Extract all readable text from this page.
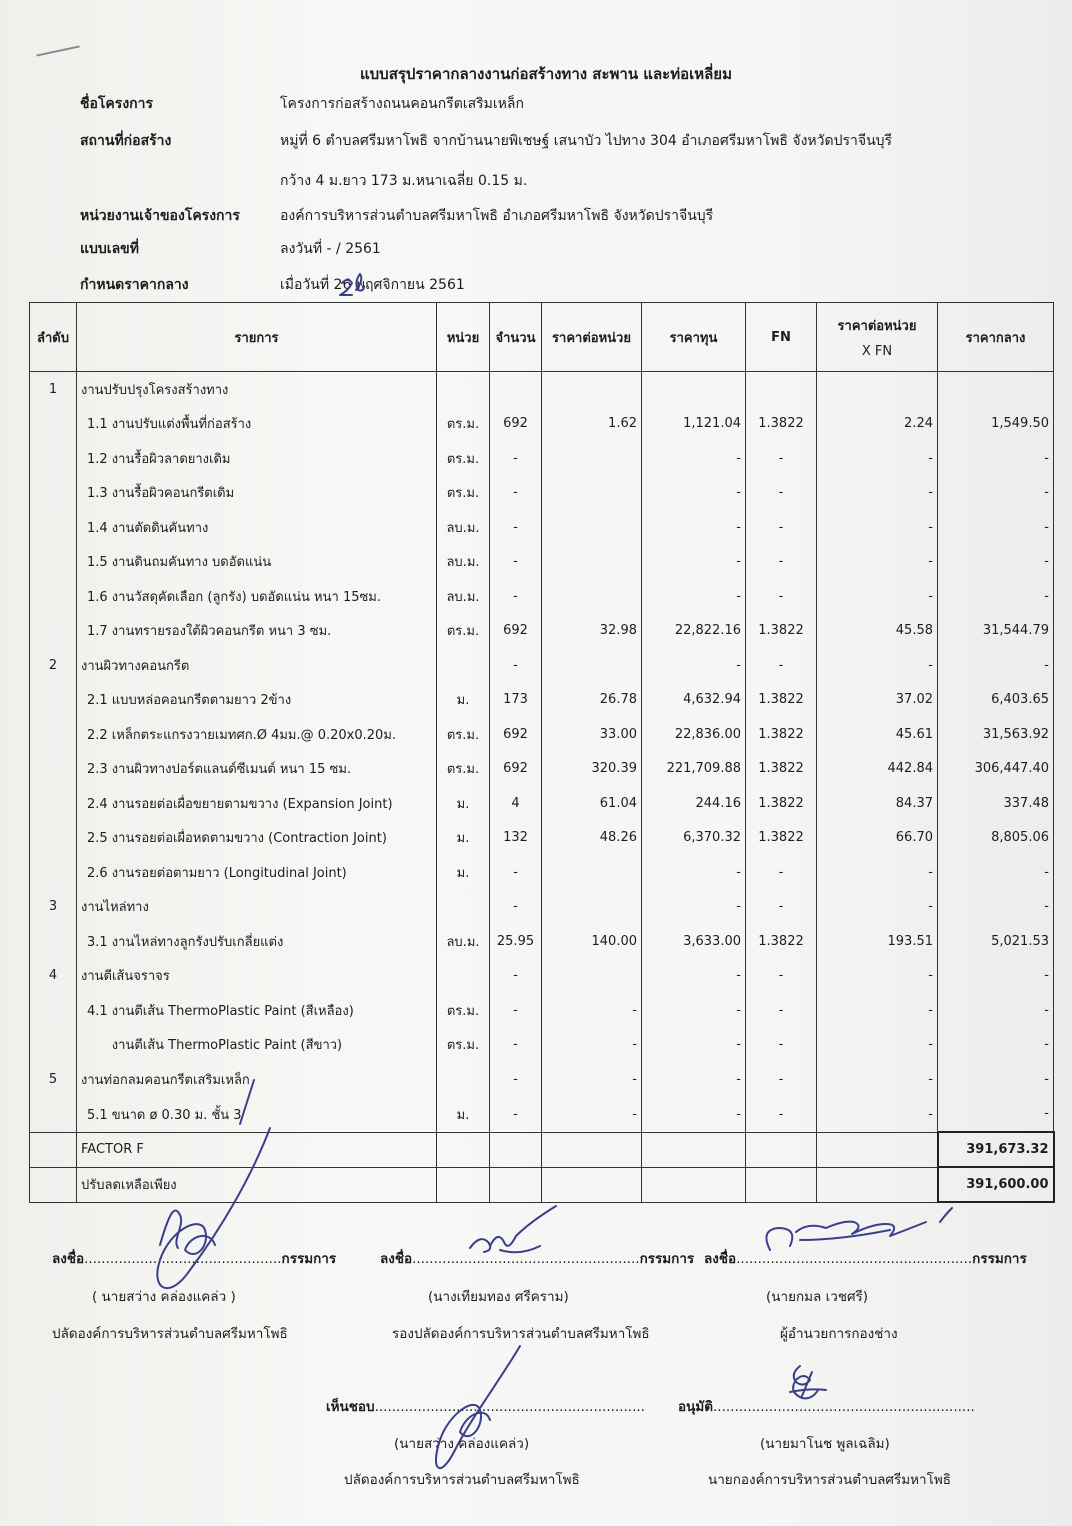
แบบสรุปราคากลางงานก่อสร้างทาง สะพาน และท่อเหลี่ยม
ชื่อโครงการ	โครงการก่อสร้างถนนคอนกรีตเสริมเหล็ก
สถานที่ก่อสร้าง	หมู่ที่ 6 ตำบลศรีมหาโพธิ จากบ้านนายพิเชษฐ์ เสนาบัว ไปทาง 304 อำเภอศรีมหาโพธิ จังหวัดปราจีนบุรี
กว้าง 4 ม.ยาว 173 ม.หนาเฉลี่ย 0.15 ม.
หน่วยงานเจ้าของโครงการ	องค์การบริหารส่วนตำบลศรีมหาโพธิ อำเภอศรีมหาโพธิ จังหวัดปราจีนบุรี
แบบเลขที่	ลงวันที่ - / 2561
กำหนดราคากลาง	เมื่อวันที่ 26 พฤศจิกายน 2561
ลำดับ	รายการ	หน่วย	จำนวน	ราคาต่อหน่วย	ราคาทุน	FN	ราคาต่อหน่วย
X FN	ราคากลาง
1	งานปรับปรุงโครงสร้างทาง							
	1.1 งานปรับแต่งพื้นที่ก่อสร้าง	ตร.ม.	692	1.62	1,121.04	1.3822	2.24	1,549.50
	1.2 งานรื้อผิวลาดยางเดิม	ตร.ม.	-		-	-	-	-
	1.3 งานรื้อผิวคอนกรีตเดิม	ตร.ม.	-		-	-	-	-
	1.4 งานตัดดินคันทาง	ลบ.ม.	-		-	-	-	-
	1.5 งานดินถมคันทาง บดอัดแน่น	ลบ.ม.	-		-	-	-	-
	1.6 งานวัสดุคัดเลือก (ลูกรัง) บดอัดแน่น หนา 15ซม.	ลบ.ม.	-		-	-	-	-
	1.7 งานทรายรองใต้ผิวคอนกรีต หนา 3 ซม.	ตร.ม.	692	32.98	22,822.16	1.3822	45.58	31,544.79
2	งานผิวทางคอนกรีต		-		-	-	-	-
	2.1 แบบหล่อคอนกรีตตามยาว 2ข้าง	ม.	173	26.78	4,632.94	1.3822	37.02	6,403.65
	2.2 เหล็กตระแกรงวายเมทศก.Ø 4มม.@ 0.20x0.20ม.	ตร.ม.	692	33.00	22,836.00	1.3822	45.61	31,563.92
	2.3 งานผิวทางปอร์ตแลนด์ซีเมนต์ หนา 15 ซม.	ตร.ม.	692	320.39	221,709.88	1.3822	442.84	306,447.40
	2.4 งานรอยต่อเผื่อขยายตามขวาง (Expansion Joint)	ม.	4	61.04	244.16	1.3822	84.37	337.48
	2.5 งานรอยต่อเผื่อหดตามขวาง (Contraction Joint)	ม.	132	48.26	6,370.32	1.3822	66.70	8,805.06
	2.6 งานรอยต่อตามยาว (Longitudinal Joint)	ม.	-		-	-	-	-
3	งานไหล่ทาง		-		-	-	-	-
	3.1 งานไหล่ทางลูกรังปรับเกลี่ยแต่ง	ลบ.ม.	25.95	140.00	3,633.00	1.3822	193.51	5,021.53
4	งานตีเส้นจราจร		-		-	-	-	-
	4.1 งานตีเส้น ThermoPlastic Paint (สีเหลือง)	ตร.ม.	-	-	-	-	-	-
	งานตีเส้น ThermoPlastic Paint (สีขาว)	ตร.ม.	-	-	-	-	-	-
5	งานท่อกลมคอนกรีตเสริมเหล็ก		-	-	-	-	-	-
	5.1 ขนาด ø 0.30 ม. ชั้น 3	ม.	-	-	-	-	-	-
	FACTOR F							391,673.32
	ปรับลดเหลือเพียง							391,600.00
ลงชื่อ..............................................กรรมการ	ลงชื่อ.....................................................กรรมการ ลงชื่อ.......................................................กรรมการ
( นายสว่าง คล่องแคล่ว )
ปลัดองค์การบริหารส่วนตำบลศรีมหาโพธิ
(นางเทียมทอง ศรีคราม)
รองปลัดองค์การบริหารส่วนตำบลศรีมหาโพธิ
(นายกมล เวชศรี)
ผู้อำนวยการกองช่าง
เห็นชอบ...............................................................
(นายสว่าง คล่องแคล่ว)
ปลัดองค์การบริหารส่วนตำบลศรีมหาโพธิ
อนุมัติ.............................................................
(นายมาโนช พูลเฉลิม)
นายกองค์การบริหารส่วนตำบลศรีมหาโพธิ
